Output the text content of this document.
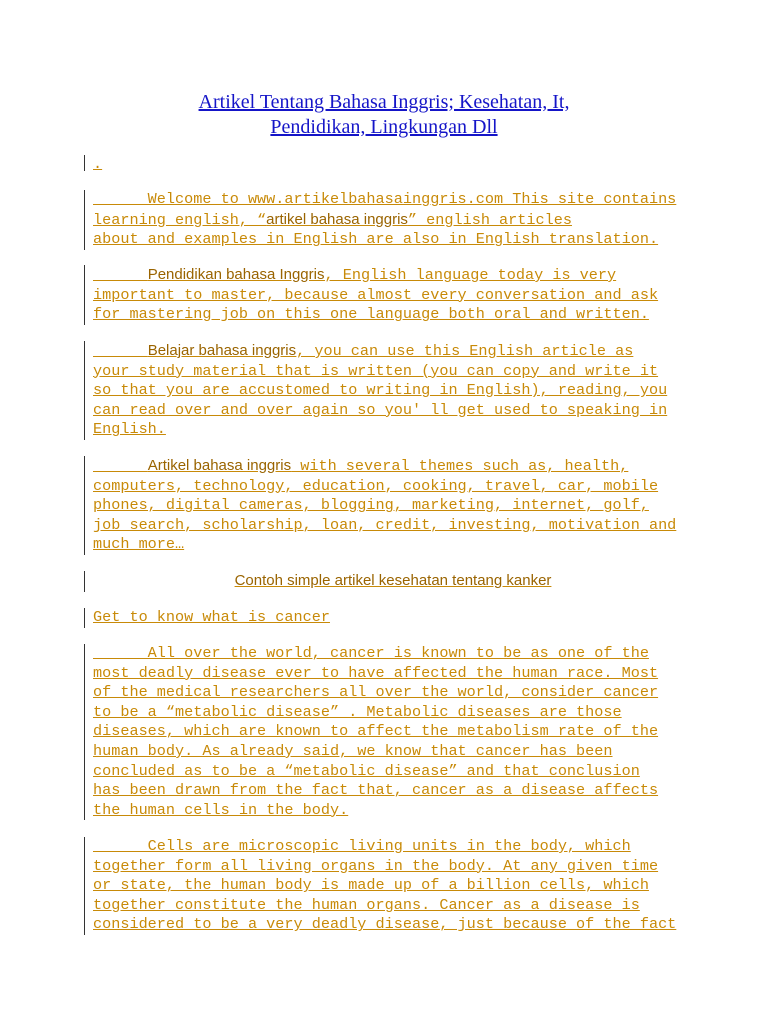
Artikel Tentang Bahasa Inggris; Kesehatan, It,
Pendidikan, Lingkungan Dll
.
Welcome to www.artikelbahasainggris.com This site contains
learning english, “artikel bahasa inggris” english articles
about and examples in English are also in English translation.
Pendidikan bahasa Inggris, English language today is very
important to master, because almost every conversation and ask
for mastering job on this one language both oral and written.
Belajar bahasa inggris, you can use this English article as
your study material that is written (you can copy and write it
so that you are accustomed to writing in English), reading, you
can read over and over again so you' ll get used to speaking in
English.
Artikel bahasa inggris with several themes such as, health,
computers, technology, education, cooking, travel, car, mobile
phones, digital cameras, blogging, marketing, internet, golf,
job search, scholarship, loan, credit, investing, motivation and
much more…
Contoh simple artikel kesehatan tentang kanker
Get to know what is cancer
All over the world, cancer is known to be as one of the
most deadly disease ever to have affected the human race. Most
of the medical researchers all over the world, consider cancer
to be a “metabolic disease” . Metabolic diseases are those
diseases, which are known to affect the metabolism rate of the
human body. As already said, we know that cancer has been
concluded as to be a “metabolic disease” and that conclusion
has been drawn from the fact that, cancer as a disease affects
the human cells in the body.
Cells are microscopic living units in the body, which
together form all living organs in the body. At any given time
or state, the human body is made up of a billion cells, which
together constitute the human organs. Cancer as a disease is
considered to be a very deadly disease, just because of the fact
